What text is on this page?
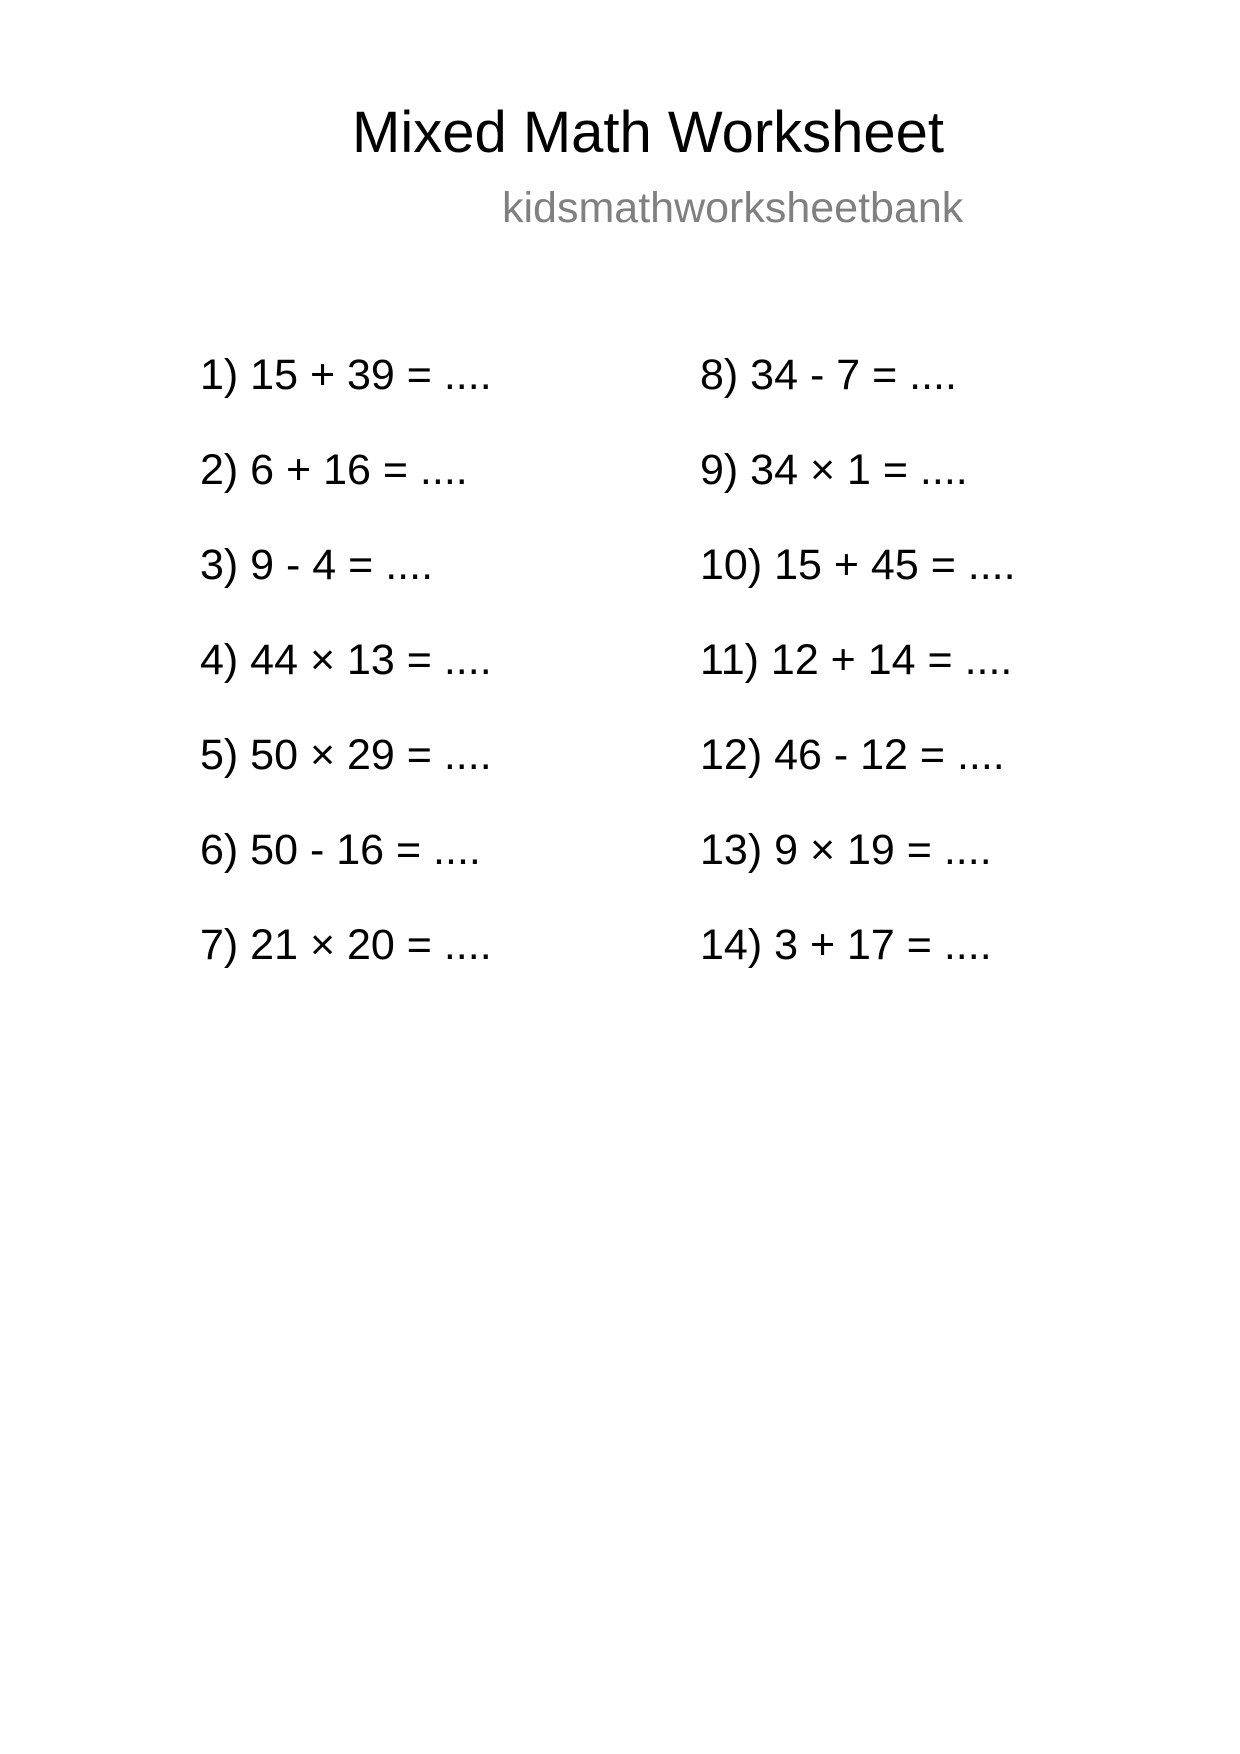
Mixed Math Worksheet
kidsmathworksheetbank
1) 15 + 39 = ....
2) 6 + 16 = ....
3) 9 - 4 = ....
4) 44 × 13 = ....
5) 50 × 29 = ....
6) 50 - 16 = ....
7) 21 × 20 = ....
8) 34 - 7 = ....
9) 34 × 1 = ....
10) 15 + 45 = ....
11) 12 + 14 = ....
12) 46 - 12 = ....
13) 9 × 19 = ....
14) 3 + 17 = ....
